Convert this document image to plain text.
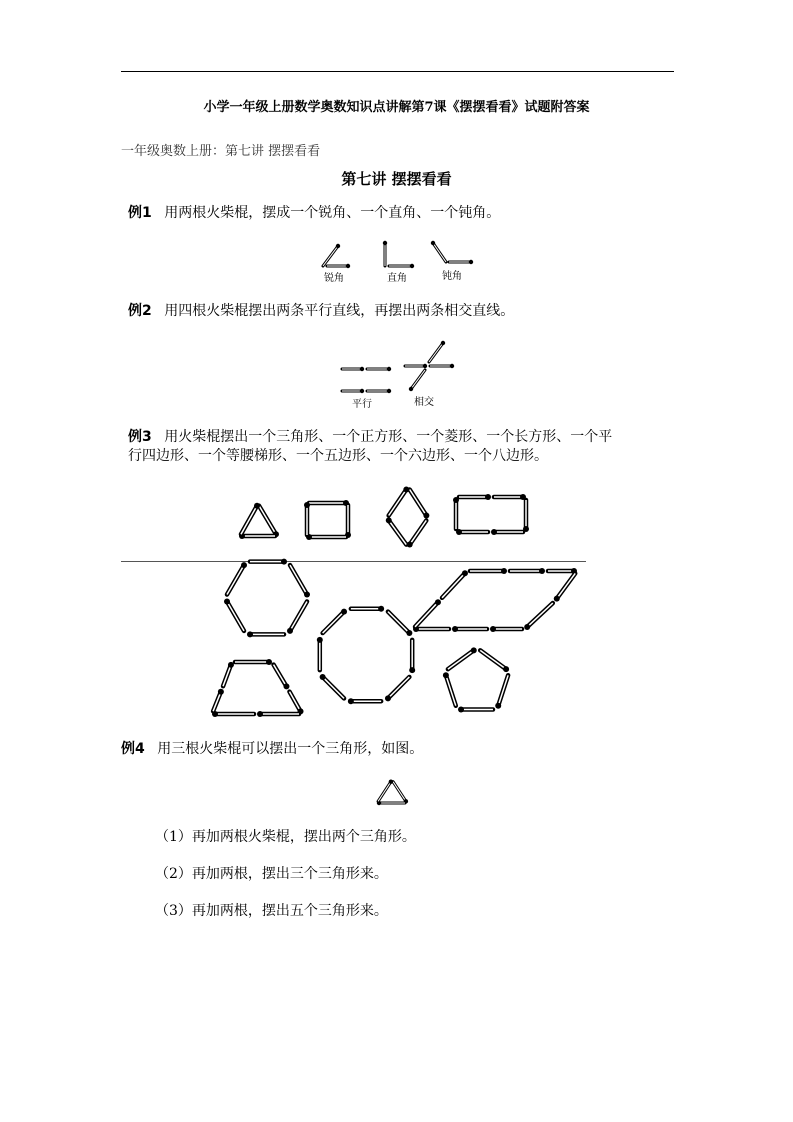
小学一年级上册数学奥数知识点讲解第7课《摆摆看看》试题附答案
一年级奥数上册：第七讲 摆摆看看
第七讲 摆摆看看
例1 用两根火柴棍，摆成一个锐角、一个直角、一个钝角。
例2 用四根火柴棍摆出两条平行直线，再摆出两条相交直线。
例3 用火柴棍摆出一个三角形、一个正方形、一个菱形、一个长方形、一个平
行四边形、一个等腰梯形、一个五边形、一个六边形、一个八边形。
例4 用三根火柴棍可以摆出一个三角形，如图。
（1）再加两根火柴棍，摆出两个三角形。
（2）再加两根，摆出三个三角形来。
（3）再加两根，摆出五个三角形来。
锐角	直角	钝角
平行	相交
